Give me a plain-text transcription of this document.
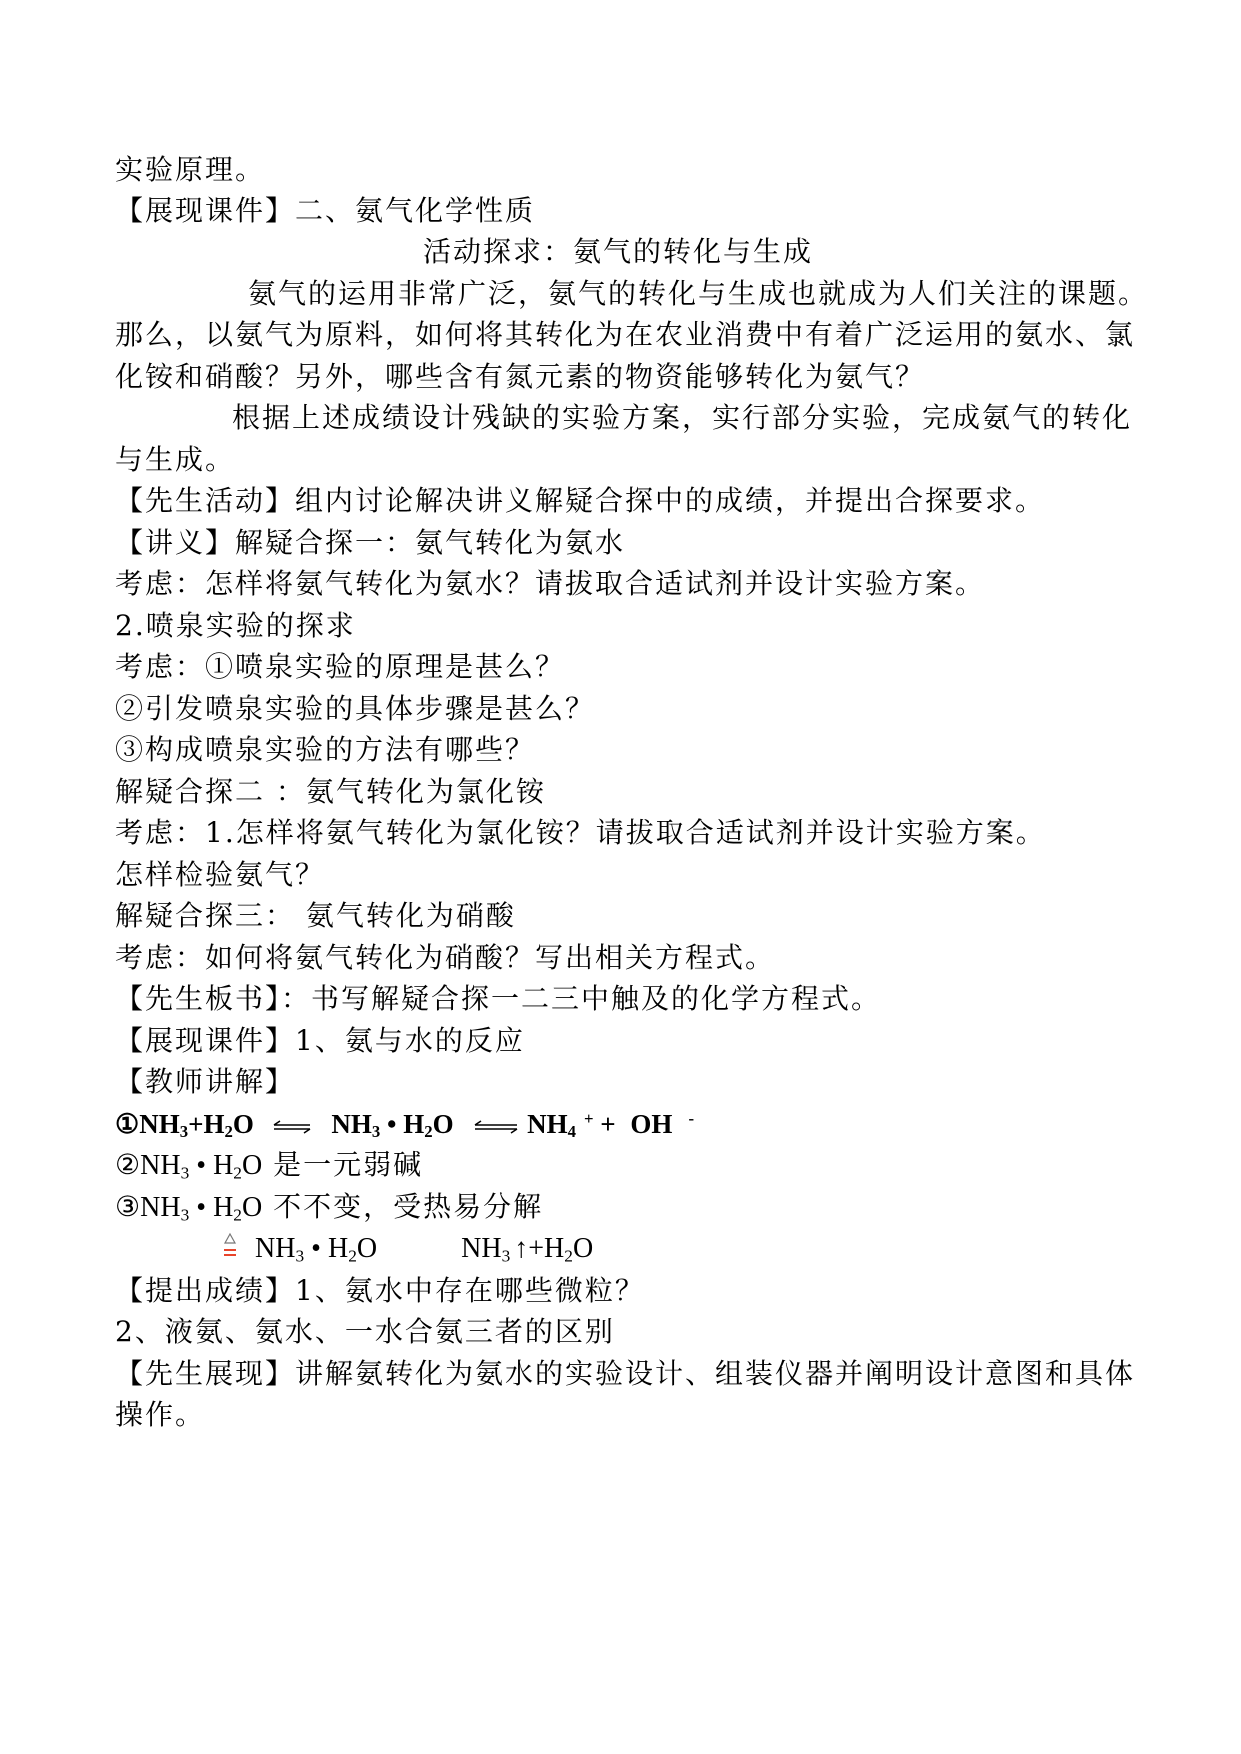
实验原理。
【展现课件】二、氨气化学性质
活动探求：氨气的转化与生成
氨气的运用非常广泛，氨气的转化与生成也就成为人们关注的课题。
那么，以氨气为原料，如何将其转化为在农业消费中有着广泛运用的氨水、氯
化铵和硝酸？另外，哪些含有氮元素的物资能够转化为氨气？
根据上述成绩设计残缺的实验方案，实行部分实验，完成氨气的转化
与生成。
【先生活动】组内讨论解决讲义解疑合探中的成绩，并提出合探要求。
【讲义】解疑合探一：氨气转化为氨水
考虑：怎样将氨气转化为氨水？请拔取合适试剂并设计实验方案。
2.喷泉实验的探求
考虑：①喷泉实验的原理是甚么？
②引发喷泉实验的具体步骤是甚么？
③构成喷泉实验的方法有哪些？
解疑合探二 ：氨气转化为氯化铵
考虑：1.怎样将氨气转化为氯化铵？请拔取合适试剂并设计实验方案。
怎样检验氨气？
解疑合探三： 氨气转化为硝酸
考虑：如何将氨气转化为硝酸？写出相关方程式。
【先生板书】：书写解疑合探一二三中触及的化学方程式。
【展现课件】1、氨与水的反应
【教师讲解】
$①NH_3+H_2O$ ⇌ $NH_3$ • $H_2O$ ⇌ $NH_4^+$ + OH -
$②NH_3$ • $H_2O$ 是一元弱碱
$③NH_3$ • $H_2O$ 不不变，受热易分解
$NH_3$ • $H_2O$	$NH_3$ $↑+H_2O$
【提出成绩】1、氨水中存在哪些微粒？
2、液氨、氨水、一水合氨三者的区别
【先生展现】讲解氨转化为氨水的实验设计、组装仪器并阐明设计意图和具体
操作。
